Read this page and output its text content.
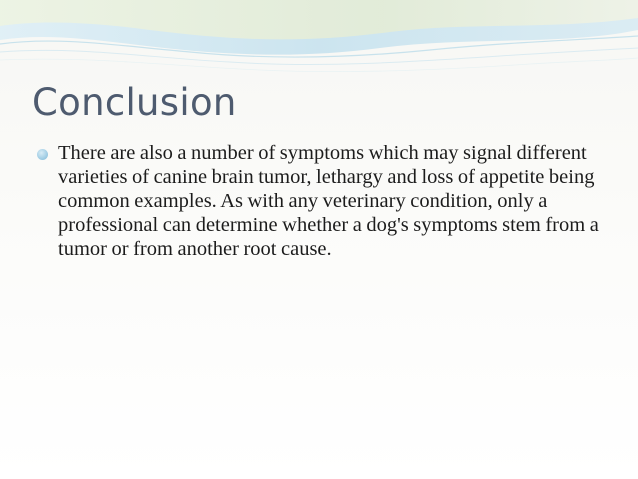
Conclusion
There are also a number of symptoms which may signal different varieties of canine brain tumor, lethargy and loss of appetite being common examples. As with any veterinary condition, only a professional can determine whether a dog's symptoms stem from a tumor or from another root cause.
